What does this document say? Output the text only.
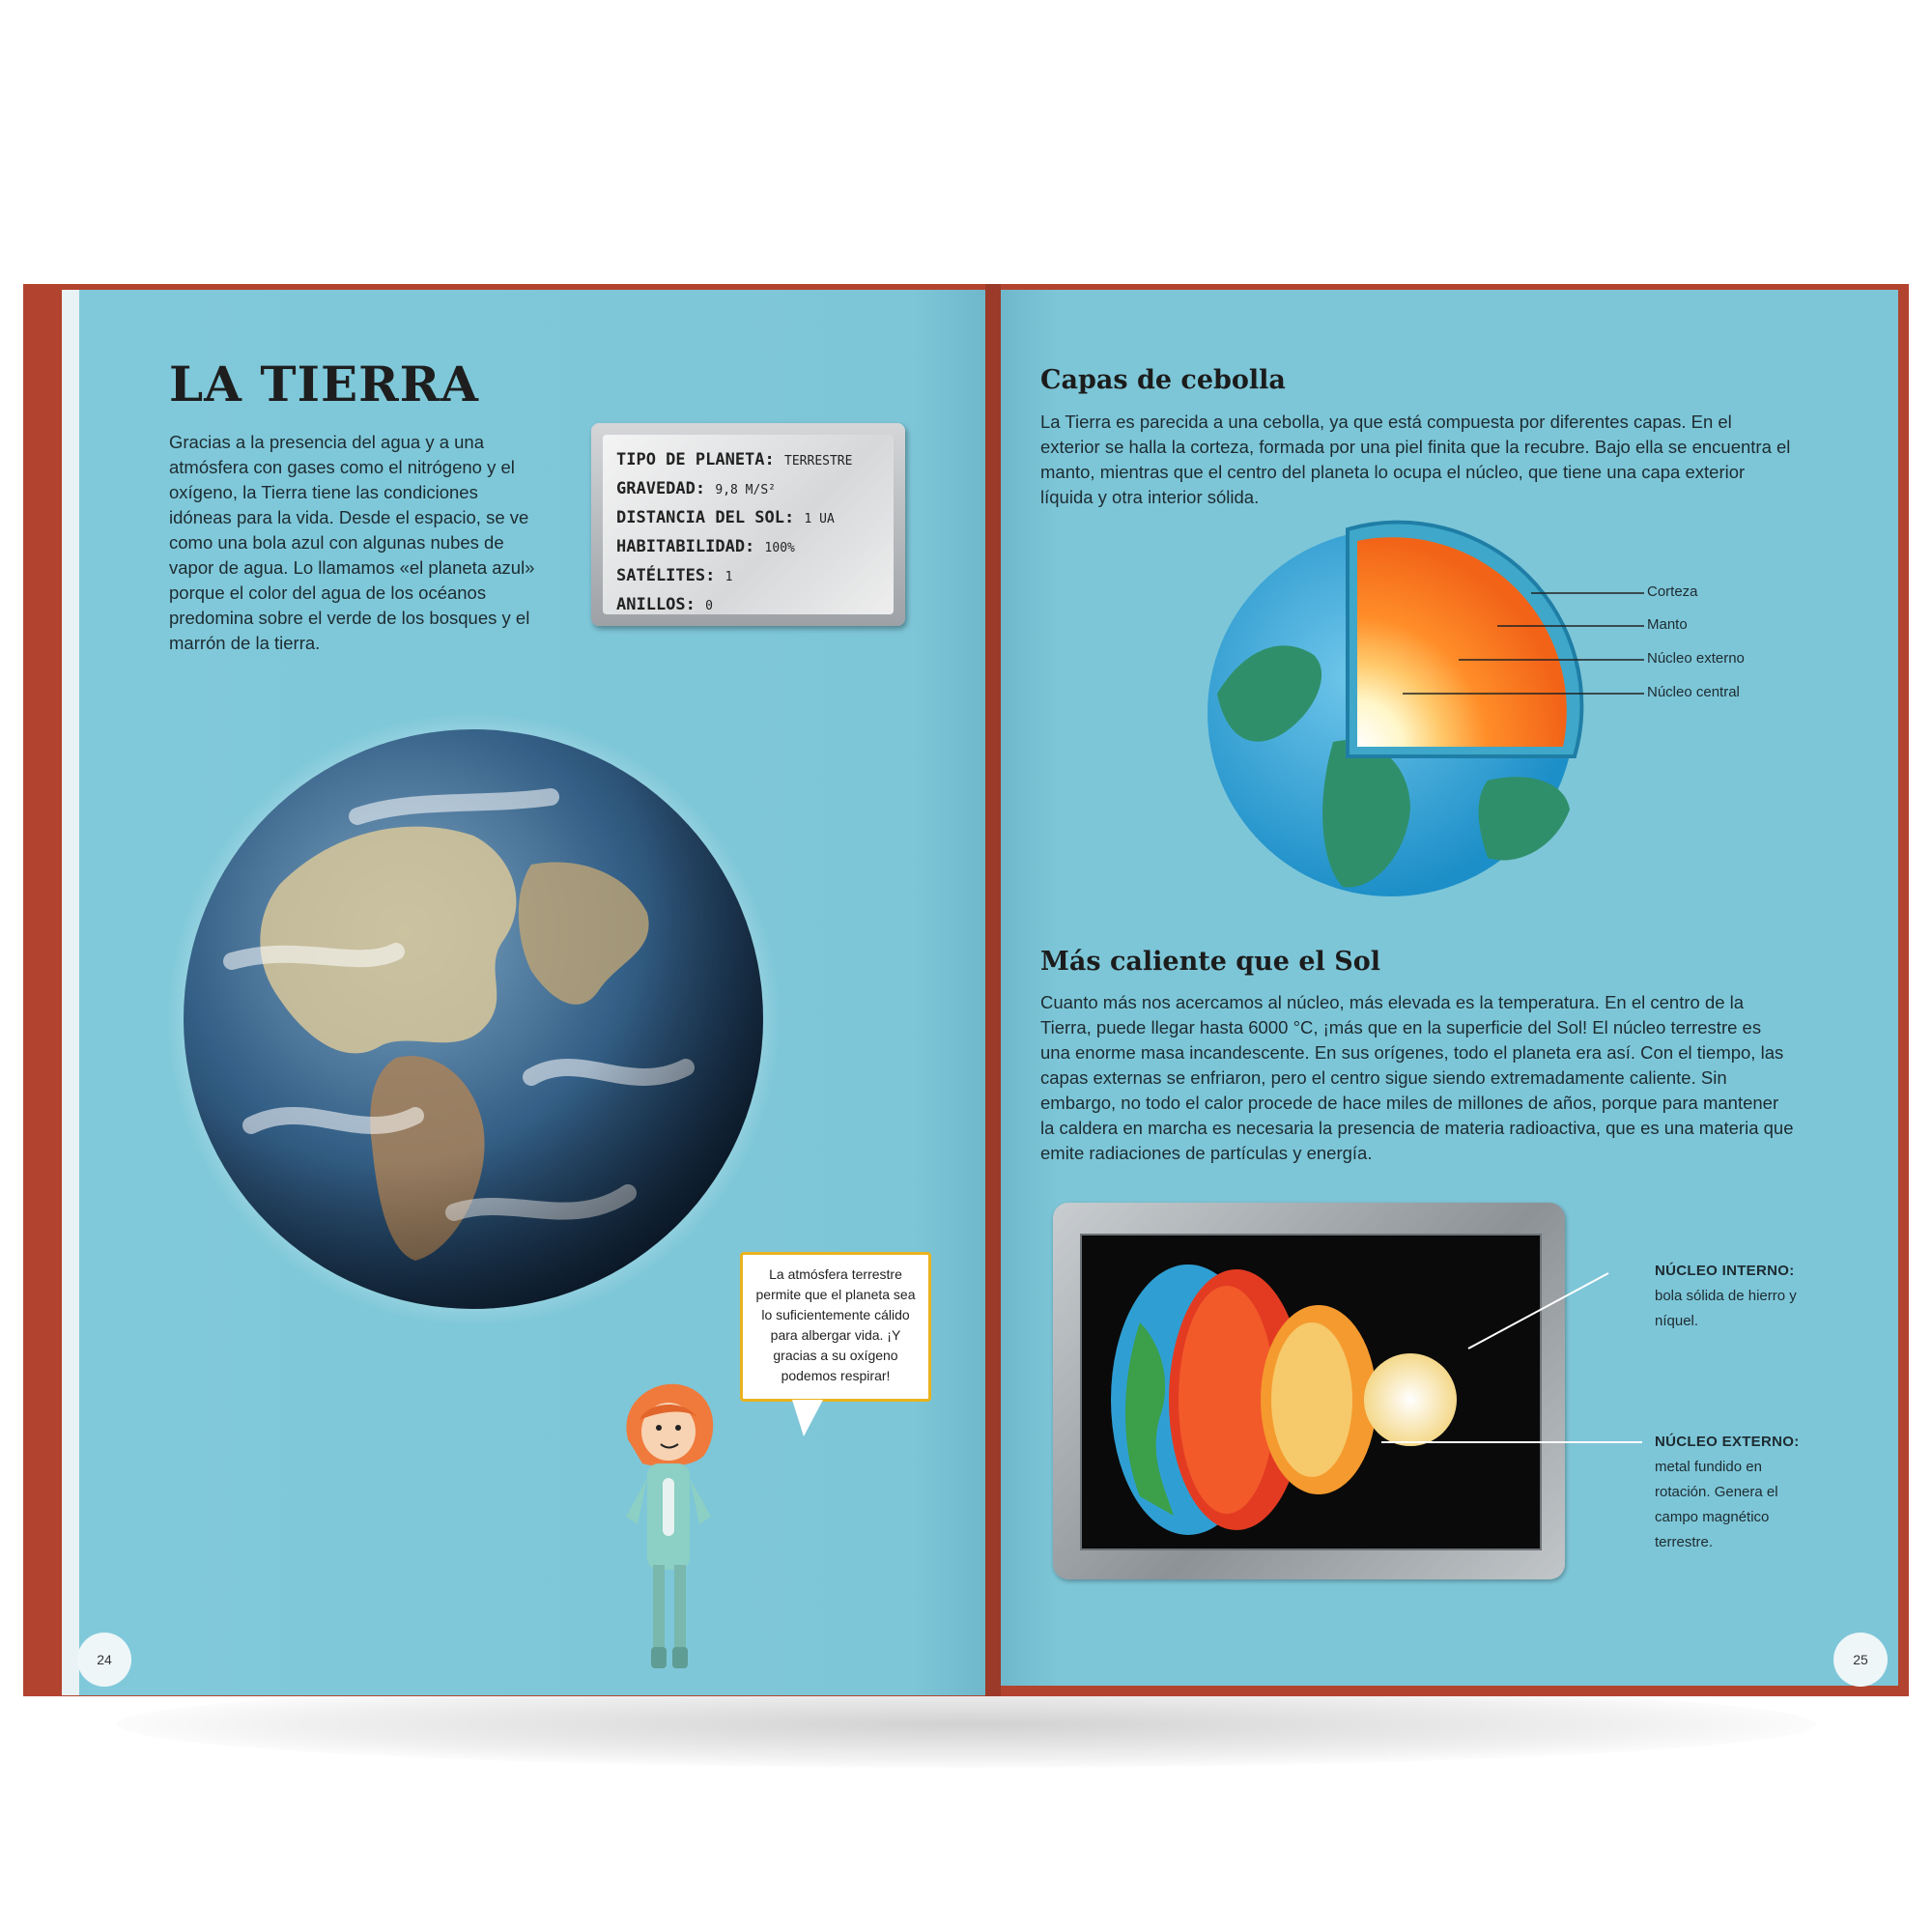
LA TIERRA
Gracias a la presencia del agua y a una atmósfera con gases como el nitrógeno y el oxígeno, la Tierra tiene las condiciones idóneas para la vida. Desde el espacio, se ve como una bola azul con algunas nubes de vapor de agua. Lo llamamos «el planeta azul» porque el color del agua de los océanos predomina sobre el verde de los bosques y el marrón de la tierra.
TIPO DE PLANETA: TERRESTRE
GRAVEDAD: 9,8 M/S²
DISTANCIA DEL SOL: 1 UA
HABITABILIDAD: 100%
SATÉLITES: 1
ANILLOS: 0
La atmósfera terrestre permite que el planeta sea lo suficientemente cálido para albergar vida. ¡Y gracias a su oxígeno podemos respirar!
24
Capas de cebolla
La Tierra es parecida a una cebolla, ya que está compuesta por diferentes capas. En el exterior se halla la corteza, formada por una piel finita que la recubre. Bajo ella se encuentra el manto, mientras que el centro del planeta lo ocupa el núcleo, que tiene una capa exterior líquida y otra interior sólida.
Corteza
Manto
Núcleo externo
Núcleo central
Más caliente que el Sol
Cuanto más nos acercamos al núcleo, más elevada es la temperatura. En el centro de la Tierra, puede llegar hasta 6000 °C, ¡más que en la superficie del Sol! El núcleo terrestre es una enorme masa incandescente. En sus orígenes, todo el planeta era así. Con el tiempo, las capas externas se enfriaron, pero el centro sigue siendo extremadamente caliente. Sin embargo, no todo el calor procede de hace miles de millones de años, porque para mantener la caldera en marcha es necesaria la presencia de materia radioactiva, que es una materia que emite radiaciones de partículas y energía.
NÚCLEO INTERNO:
bola sólida de hierro y níquel.
NÚCLEO EXTERNO:
metal fundido en rotación. Genera el campo magnético terrestre.
25
